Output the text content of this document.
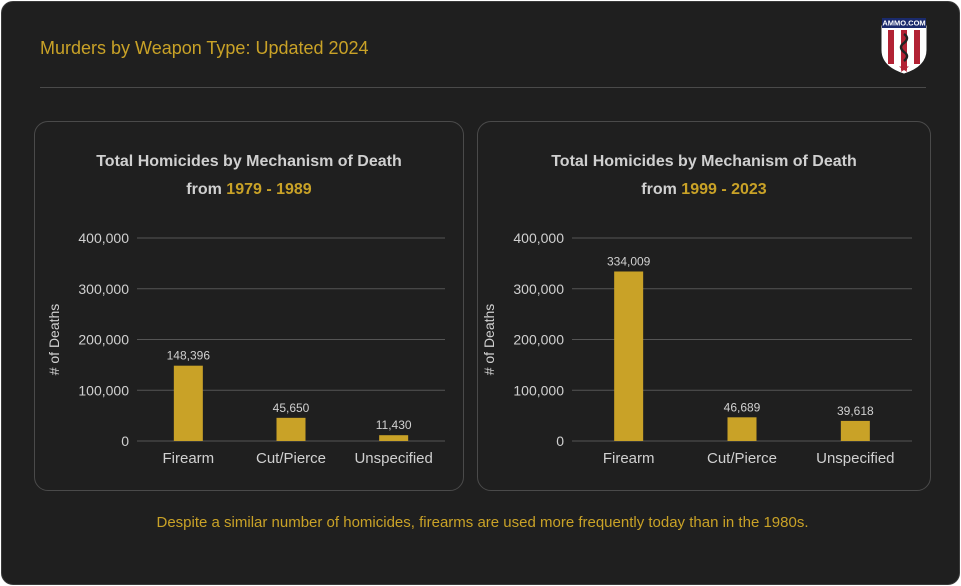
Murders by Weapon Type: Updated 2024
AMMO.COM
Total Homicides by Mechanism of Death
from 1979 - 1989
0
100,000
200,000
300,000
400,000
# of Deaths	148,396
Firearm
45,650
Cut/Pierce
11,430
Unspecified
Total Homicides by Mechanism of Death
from 1999 - 2023
0
100,000
200,000
300,000
400,000
# of Deaths
334,009
Firearm
46,689
Cut/Pierce
39,618
Unspecified
Despite a similar number of homicides, firearms are used more frequently today than in the 1980s.
